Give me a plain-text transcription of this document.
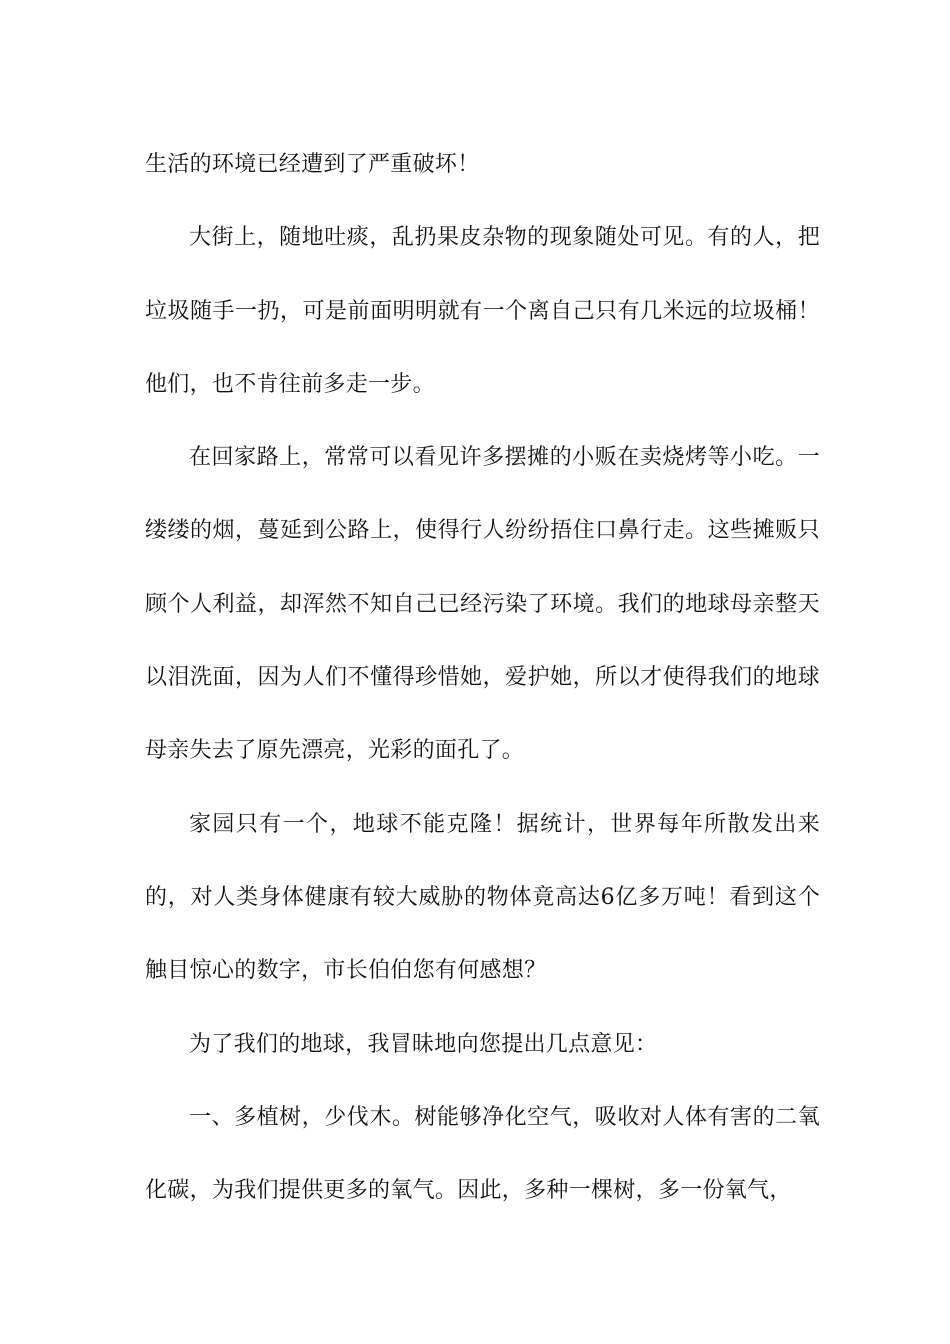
生活的环境已经遭到了严重破坏！

大街上，随地吐痰，乱扔果皮杂物的现象随处可见。有的人，把垃圾随手一扔，可是前面明明就有一个离自己只有几米远的垃圾桶！他们，也不肯往前多走一步。

在回家路上，常常可以看见许多摆摊的小贩在卖烧烤等小吃。一缕缕的烟，蔓延到公路上，使得行人纷纷捂住口鼻行走。这些摊贩只顾个人利益，却浑然不知自己已经污染了环境。我们的地球母亲整天以泪洗面，因为人们不懂得珍惜她，爱护她，所以才使得我们的地球母亲失去了原先漂亮，光彩的面孔了。

家园只有一个，地球不能克隆！据统计，世界每年所散发出来的，对人类身体健康有较大威胁的物体竟高达6亿多万吨！看到这个触目惊心的数字，市长伯伯您有何感想？

为了我们的地球，我冒昧地向您提出几点意见：

一、多植树，少伐木。树能够净化空气，吸收对人体有害的二氧化碳，为我们提供更多的氧气。因此，多种一棵树，多一份氧气，
